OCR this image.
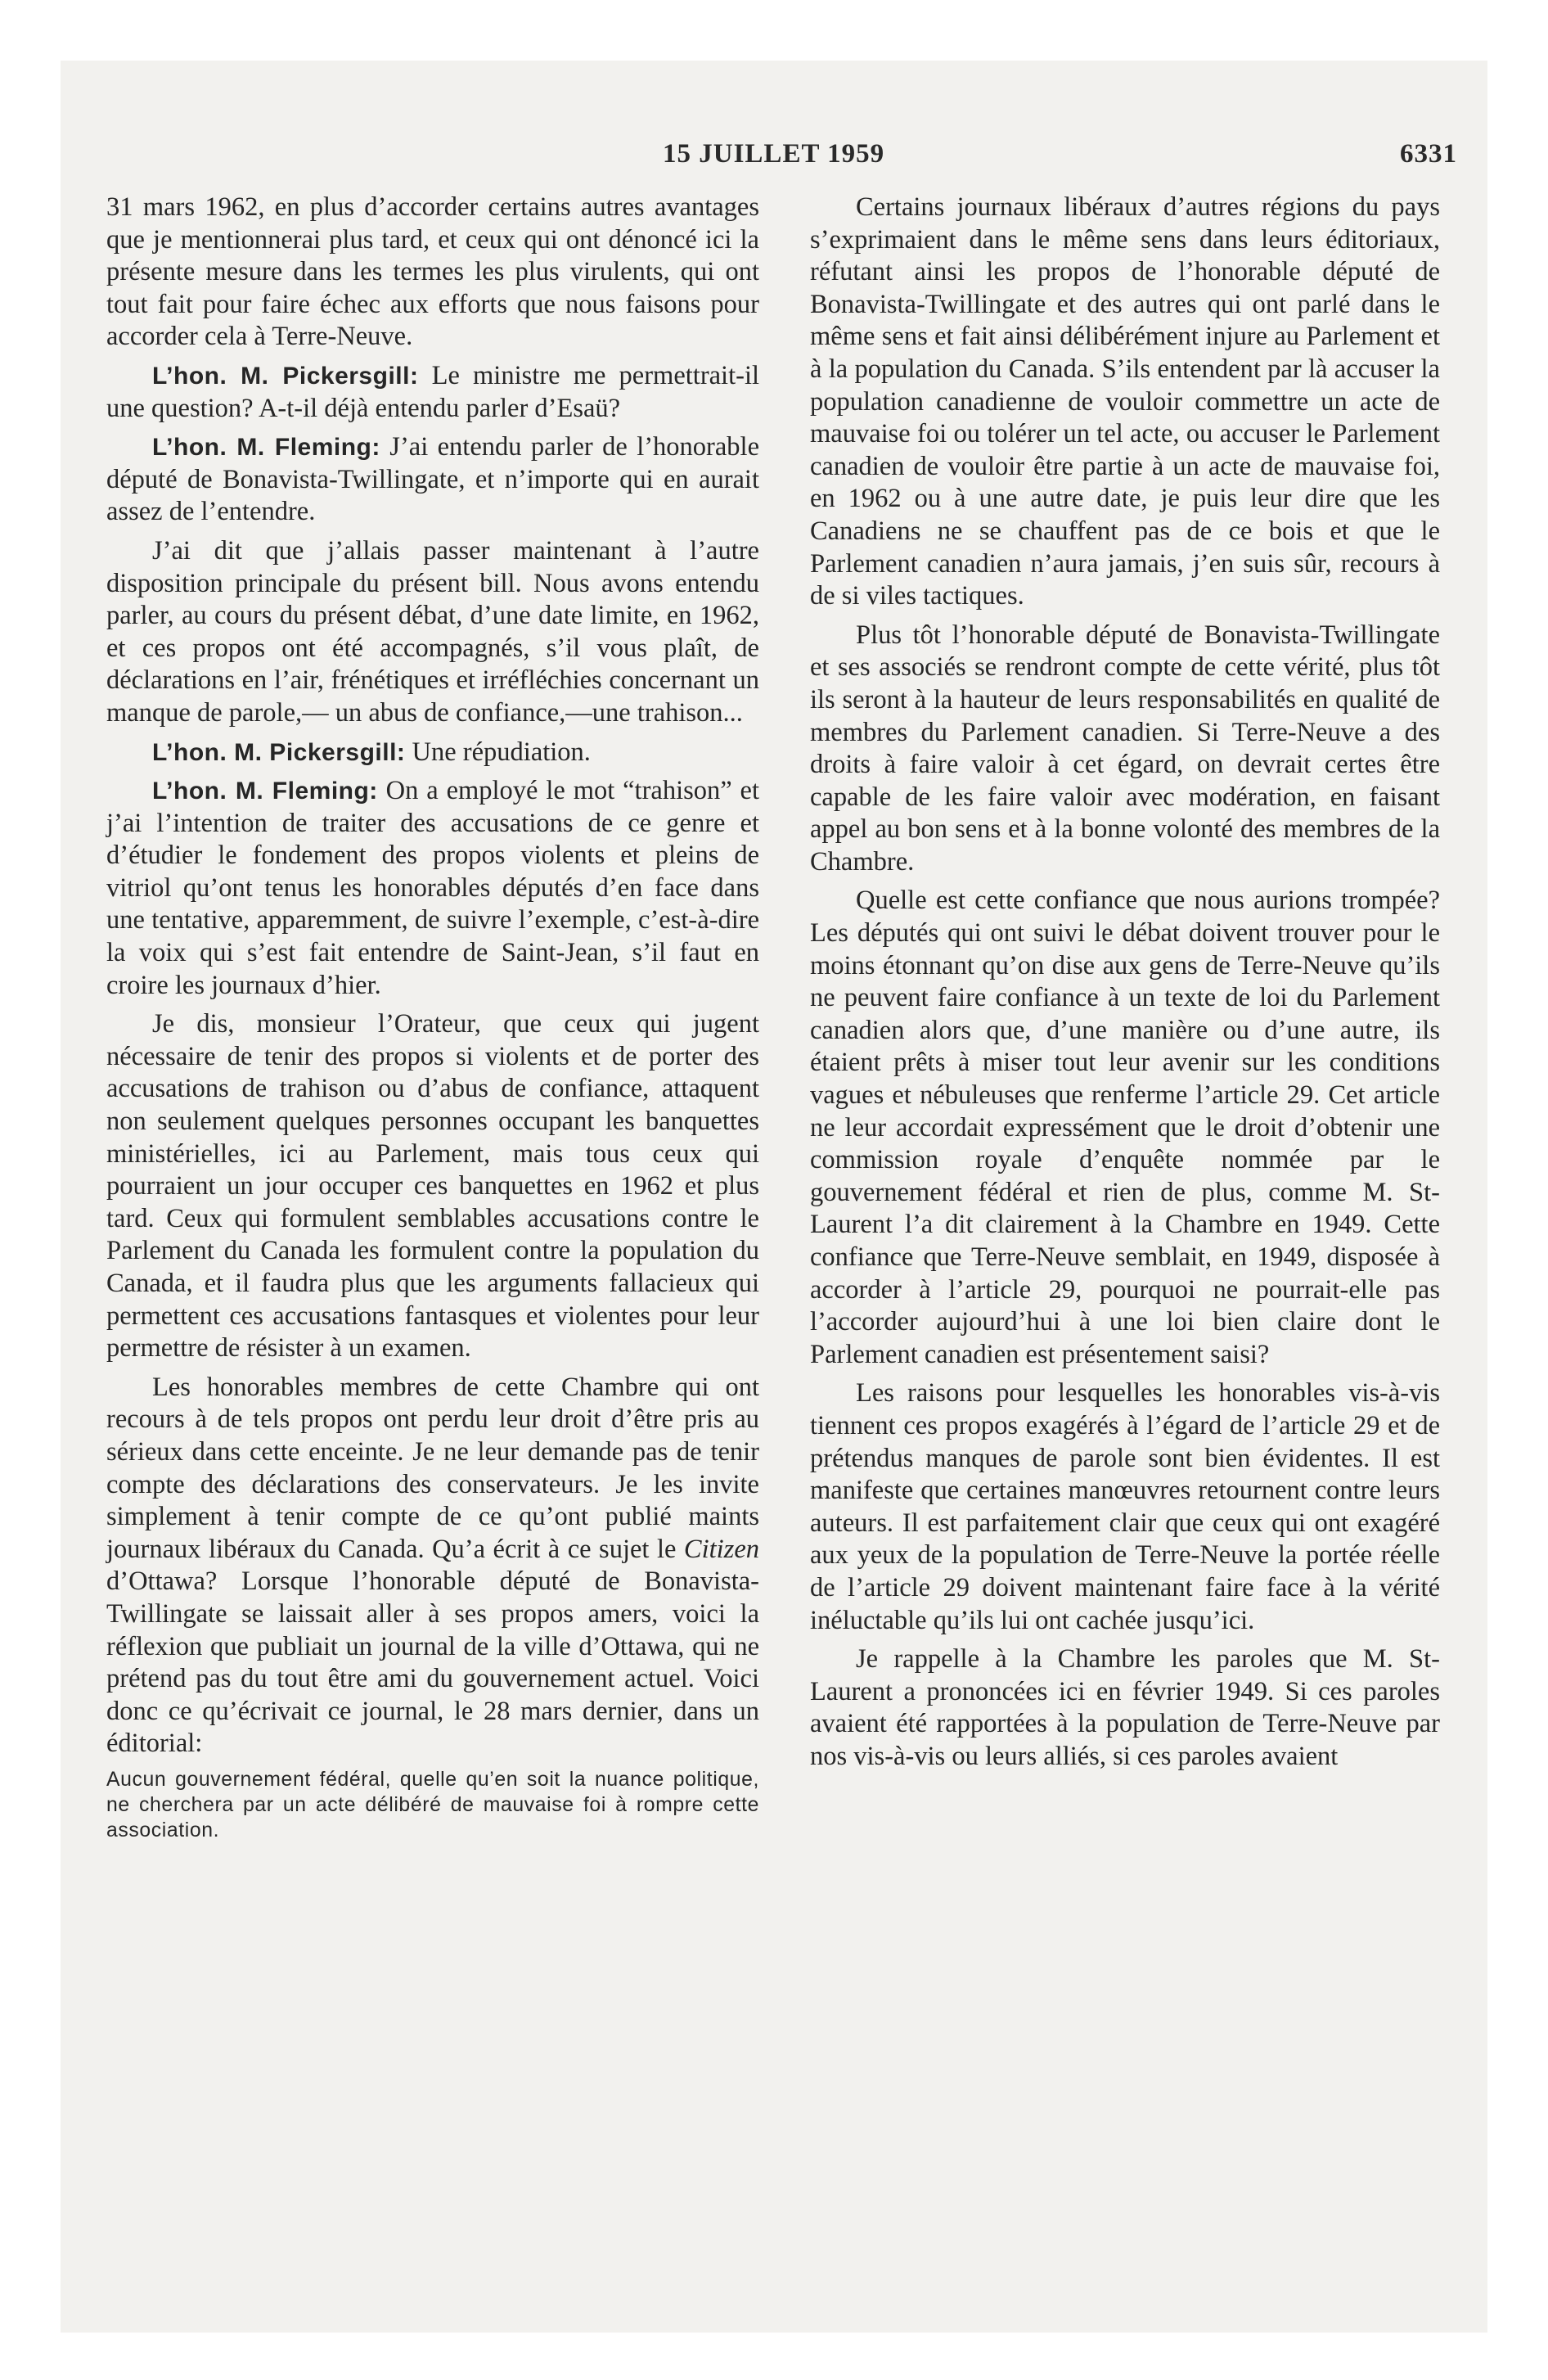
15 JUILLET 1959	6331

31 mars 1962, en plus d’accorder certains autres avantages que je mentionnerai plus tard, et ceux qui ont dénoncé ici la présente mesure dans les termes les plus virulents, qui ont tout fait pour faire échec aux efforts que nous faisons pour accorder cela à Terre-Neuve.

L’hon. M. Pickersgill: Le ministre me permettrait-il une question? A-t-il déjà entendu parler d’Esaü?

L’hon. M. Fleming: J’ai entendu parler de l’honorable député de Bonavista-Twillingate, et n’importe qui en aurait assez de l’entendre.

J’ai dit que j’allais passer maintenant à l’autre disposition principale du présent bill. Nous avons entendu parler, au cours du présent débat, d’une date limite, en 1962, et ces propos ont été accompagnés, s’il vous plaît, de déclarations en l’air, frénétiques et irréfléchies concernant un manque de parole,— un abus de confiance,—une trahison...

L’hon. M. Pickersgill: Une répudiation.

L’hon. M. Fleming: On a employé le mot “trahison” et j’ai l’intention de traiter des accusations de ce genre et d’étudier le fondement des propos violents et pleins de vitriol qu’ont tenus les honorables députés d’en face dans une tentative, apparemment, de suivre l’exemple, c’est-à-dire la voix qui s’est fait entendre de Saint-Jean, s’il faut en croire les journaux d’hier.

Je dis, monsieur l’Orateur, que ceux qui jugent nécessaire de tenir des propos si violents et de porter des accusations de trahison ou d’abus de confiance, attaquent non seulement quelques personnes occupant les banquettes ministérielles, ici au Parlement, mais tous ceux qui pourraient un jour occuper ces banquettes en 1962 et plus tard. Ceux qui formulent semblables accusations contre le Parlement du Canada les formulent contre la population du Canada, et il faudra plus que les arguments fallacieux qui permettent ces accusations fantasques et violentes pour leur permettre de résister à un examen.

Les honorables membres de cette Chambre qui ont recours à de tels propos ont perdu leur droit d’être pris au sérieux dans cette enceinte. Je ne leur demande pas de tenir compte des déclarations des conservateurs. Je les invite simplement à tenir compte de ce qu’ont publié maints journaux libéraux du Canada. Qu’a écrit à ce sujet le Citizen d’Ottawa? Lorsque l’honorable député de Bonavista-Twillingate se laissait aller à ses propos amers, voici la réflexion que publiait un journal de la ville d’Ottawa, qui ne prétend pas du tout être ami du gouvernement actuel. Voici donc ce qu’écrivait ce journal, le 28 mars dernier, dans un éditorial:

Aucun gouvernement fédéral, quelle qu’en soit la nuance politique, ne cherchera par un acte délibéré de mauvaise foi à rompre cette association.

Certains journaux libéraux d’autres régions du pays s’exprimaient dans le même sens dans leurs éditoriaux, réfutant ainsi les propos de l’honorable député de Bonavista-Twillingate et des autres qui ont parlé dans le même sens et fait ainsi délibérément injure au Parlement et à la population du Canada. S’ils entendent par là accuser la population canadienne de vouloir commettre un acte de mauvaise foi ou tolérer un tel acte, ou accuser le Parlement canadien de vouloir être partie à un acte de mauvaise foi, en 1962 ou à une autre date, je puis leur dire que les Canadiens ne se chauffent pas de ce bois et que le Parlement canadien n’aura jamais, j’en suis sûr, recours à de si viles tactiques.

Plus tôt l’honorable député de Bonavista-Twillingate et ses associés se rendront compte de cette vérité, plus tôt ils seront à la hauteur de leurs responsabilités en qualité de membres du Parlement canadien. Si Terre-Neuve a des droits à faire valoir à cet égard, on devrait certes être capable de les faire valoir avec modération, en faisant appel au bon sens et à la bonne volonté des membres de la Chambre.

Quelle est cette confiance que nous aurions trompée? Les députés qui ont suivi le débat doivent trouver pour le moins étonnant qu’on dise aux gens de Terre-Neuve qu’ils ne peuvent faire confiance à un texte de loi du Parlement canadien alors que, d’une manière ou d’une autre, ils étaient prêts à miser tout leur avenir sur les conditions vagues et nébuleuses que renferme l’article 29. Cet article ne leur accordait expressément que le droit d’obtenir une commission royale d’enquête nommée par le gouvernement fédéral et rien de plus, comme M. St-Laurent l’a dit clairement à la Chambre en 1949. Cette confiance que Terre-Neuve semblait, en 1949, disposée à accorder à l’article 29, pourquoi ne pourrait-elle pas l’accorder aujourd’hui à une loi bien claire dont le Parlement canadien est présentement saisi?

Les raisons pour lesquelles les honorables vis-à-vis tiennent ces propos exagérés à l’égard de l’article 29 et de prétendus manques de parole sont bien évidentes. Il est manifeste que certaines manœuvres retournent contre leurs auteurs. Il est parfaitement clair que ceux qui ont exagéré aux yeux de la population de Terre-Neuve la portée réelle de l’article 29 doivent maintenant faire face à la vérité inéluctable qu’ils lui ont cachée jusqu’ici.

Je rappelle à la Chambre les paroles que M. St-Laurent a prononcées ici en février 1949. Si ces paroles avaient été rapportées à la population de Terre-Neuve par nos vis-à-vis ou leurs alliés, si ces paroles avaient
